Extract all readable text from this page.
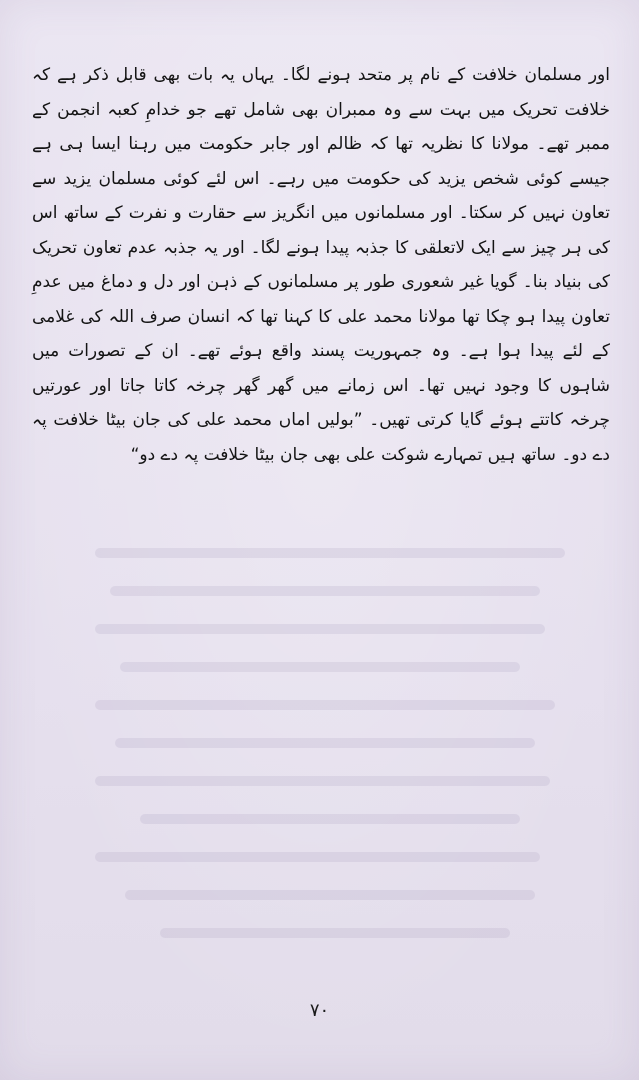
اور مسلمان خلافت کے نام پر متحد ہونے لگا۔ یہاں یہ بات بھی قابل ذکر ہے کہ خلافت تحریک میں بہت سے وہ ممبران بھی شامل تھے جو خدامِ کعبہ انجمن کے ممبر تھے۔ مولانا کا نظریہ تھا کہ ظالم اور جابر حکومت میں رہنا ایسا ہی ہے جیسے کوئی شخص یزید کی حکومت میں رہے۔ اس لئے کوئی مسلمان یزید سے تعاون نہیں کر سکتا۔ اور مسلمانوں میں انگریز سے حقارت و نفرت کے ساتھ اس کی ہر چیز سے ایک لاتعلقی کا جذبہ پیدا ہونے لگا۔ اور یہ جذبہ عدم تعاون تحریک کی بنیاد بنا۔ گویا غیر شعوری طور پر مسلمانوں کے ذہن اور دل و دماغ میں عدمِ تعاون پیدا ہو چکا تھا مولانا محمد علی کا کہنا تھا کہ انسان صرف اللہ کی غلامی کے لئے پیدا ہوا ہے۔ وہ جمہوریت پسند واقع ہوئے تھے۔ ان کے تصورات میں شاہوں کا وجود نہیں تھا۔ اس زمانے میں گھر گھر چرخہ کاتا جاتا اور عورتیں چرخہ کاتتے ہوئے گایا کرتی تھیں۔ ”بولیں اماں محمد علی کی جان بیٹا خلافت پہ دے دو۔ ساتھ ہیں تمہارے شوکت علی بھی جان بیٹا خلافت پہ دے دو“

۷۰
